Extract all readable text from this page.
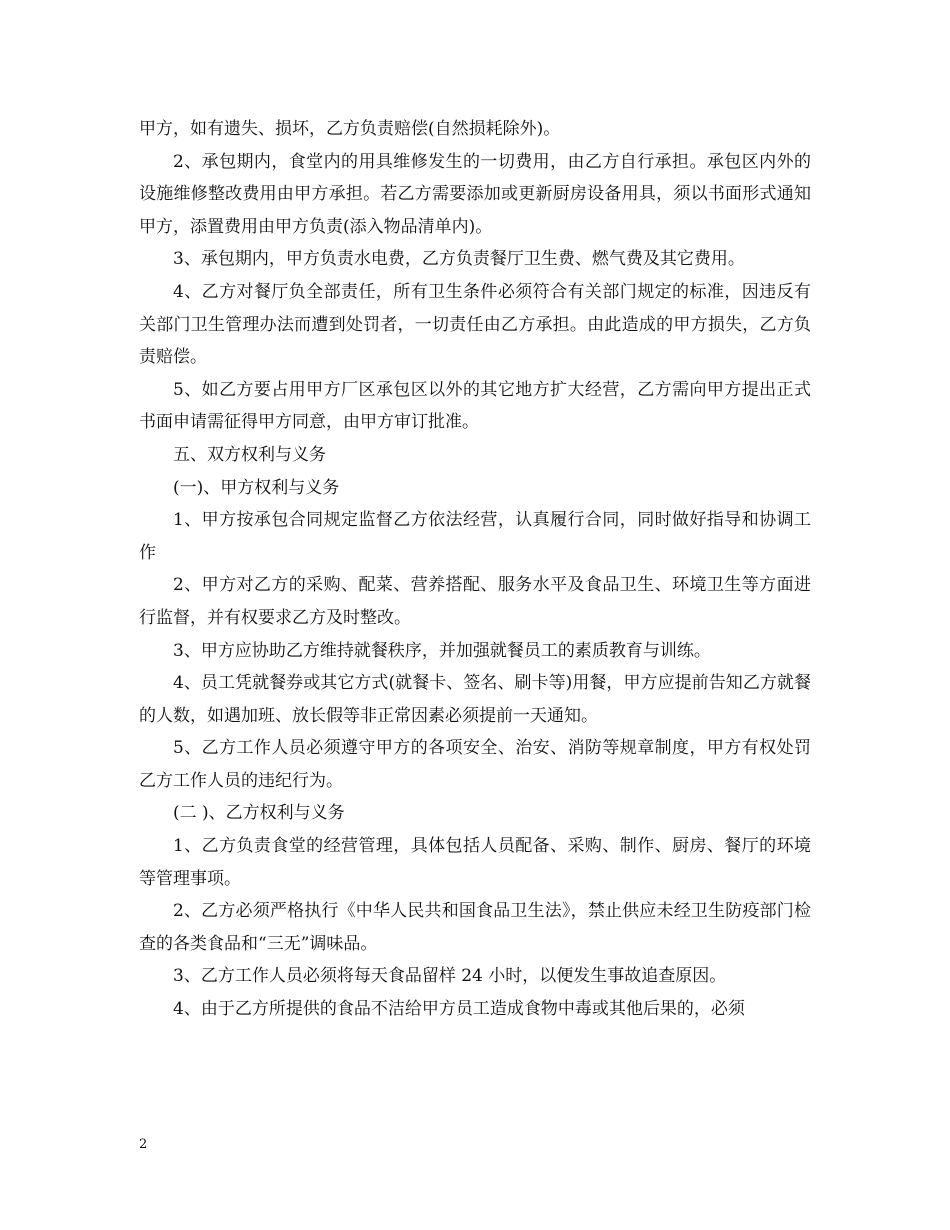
甲方，如有遗失、损坏，乙方负责赔偿(自然损耗除外)。

2、承包期内，食堂内的用具维修发生的一切费用，由乙方自行承担。承包区内外的设施维修整改费用由甲方承担。若乙方需要添加或更新厨房设备用具，须以书面形式通知甲方，添置费用由甲方负责(添入物品清单内)。

3、承包期内，甲方负责水电费，乙方负责餐厅卫生费、燃气费及其它费用。

4、乙方对餐厅负全部责任，所有卫生条件必须符合有关部门规定的标准，因违反有关部门卫生管理办法而遭到处罚者，一切责任由乙方承担。由此造成的甲方损失，乙方负责赔偿。

5、如乙方要占用甲方厂区承包区以外的其它地方扩大经营，乙方需向甲方提出正式书面申请需征得甲方同意，由甲方审订批准。

五、双方权利与义务

(一)、甲方权利与义务

1、甲方按承包合同规定监督乙方依法经营，认真履行合同，同时做好指导和协调工作

2、甲方对乙方的采购、配菜、营养搭配、服务水平及食品卫生、环境卫生等方面进行监督，并有权要求乙方及时整改。

3、甲方应协助乙方维持就餐秩序，并加强就餐员工的素质教育与训练。

4、员工凭就餐券或其它方式(就餐卡、签名、刷卡等)用餐，甲方应提前告知乙方就餐的人数，如遇加班、放长假等非正常因素必须提前一天通知。

5、乙方工作人员必须遵守甲方的各项安全、治安、消防等规章制度，甲方有权处罚乙方工作人员的违纪行为。

(二 )、乙方权利与义务

1、乙方负责食堂的经营管理，具体包括人员配备、采购、制作、厨房、餐厅的环境等管理事项。

2、乙方必须严格执行《中华人民共和国食品卫生法》，禁止供应未经卫生防疫部门检查的各类食品和“三无”调味品。

3、乙方工作人员必须将每天食品留样 24 小时，以便发生事故追查原因。

4、由于乙方所提供的食品不洁给甲方员工造成食物中毒或其他后果的，必须

2
